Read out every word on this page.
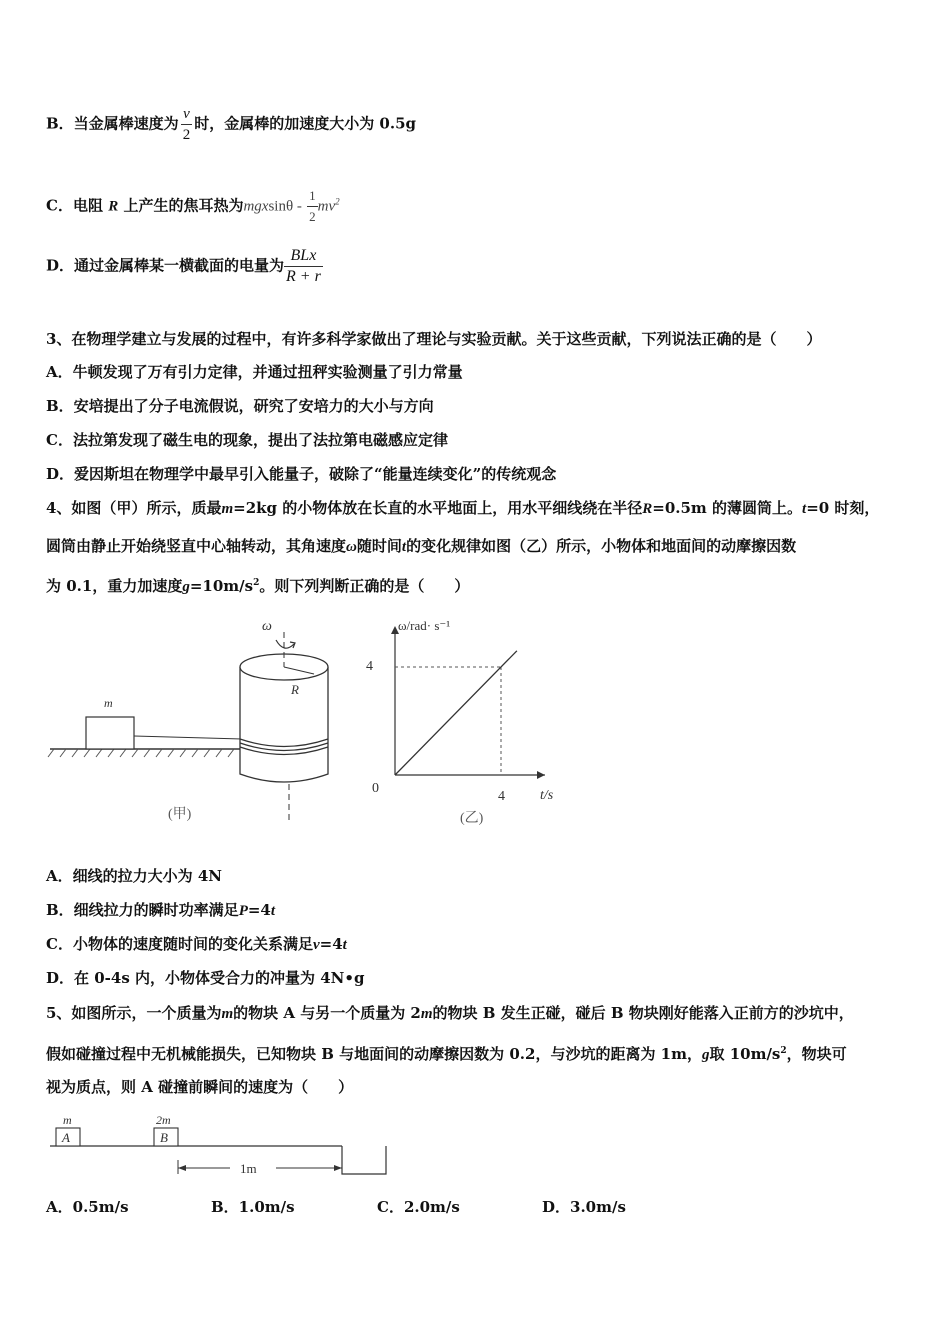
B．当金属棒速度为 $\frac{v}{2}$ 时，金属棒的加速度大小为 0.5g
C．电阻 R 上产生的焦耳热为mgxsinθ - $\frac{1}{2} mv^2$
D．通过金属棒某一横截面的电量为 $\frac{\text{BLx}}{R + r}$
3、在物理学建立与发展的过程中，有许多科学家做出了理论与实验贡献。关于这些贡献，下列说法正确的是（　　）
A．牛顿发现了万有引力定律，并通过扭秤实验测量了引力常量
B．安培提出了分子电流假说，研究了安培力的大小与方向
C．法拉第发现了磁生电的现象，提出了法拉第电磁感应定律
D．爱因斯坦在物理学中最早引入能量子，破除了“能量连续变化”的传统观念
4、如图（甲）所示，质最m=2kg 的小物体放在长直的水平地面上，用水平细线绕在半径R=0.5m 的薄圆筒上。t=0 时刻，
圆筒由静止开始绕竖直中心轴转动，其角速度ω随时间t的变化规律如图（乙）所示，小物体和地面间的动摩擦因数
为 0.1，重力加速度$g=10m/s^2$。则下列判断正确的是（　　）
m
R
ω
(甲)
ω/rad· s⁻¹
t/s
0
4
4
(乙)
A．细线的拉力大小为 4N
B．细线拉力的瞬时功率满足P=4t
C．小物体的速度随时间的变化关系满足v=4t
D．在 0-4s 内，小物体受合力的冲量为 4N•g
5、如图所示，一个质量为m的物块 A 与另一个质量为 2m的物块 B 发生正碰，碰后 B 物块刚好能落入正前方的沙坑中，
假如碰撞过程中无机械能损失，已知物块 B 与地面间的动摩擦因数为 0.2，与沙坑的距离为 1m，g取 $10m/s^2$，物块可
视为质点，则 A 碰撞前瞬间的速度为（　　）
A
m
B
2m
1m
A．0.5m/s	B．1.0m/s	C．2.0m/s	D．3.0m/s
